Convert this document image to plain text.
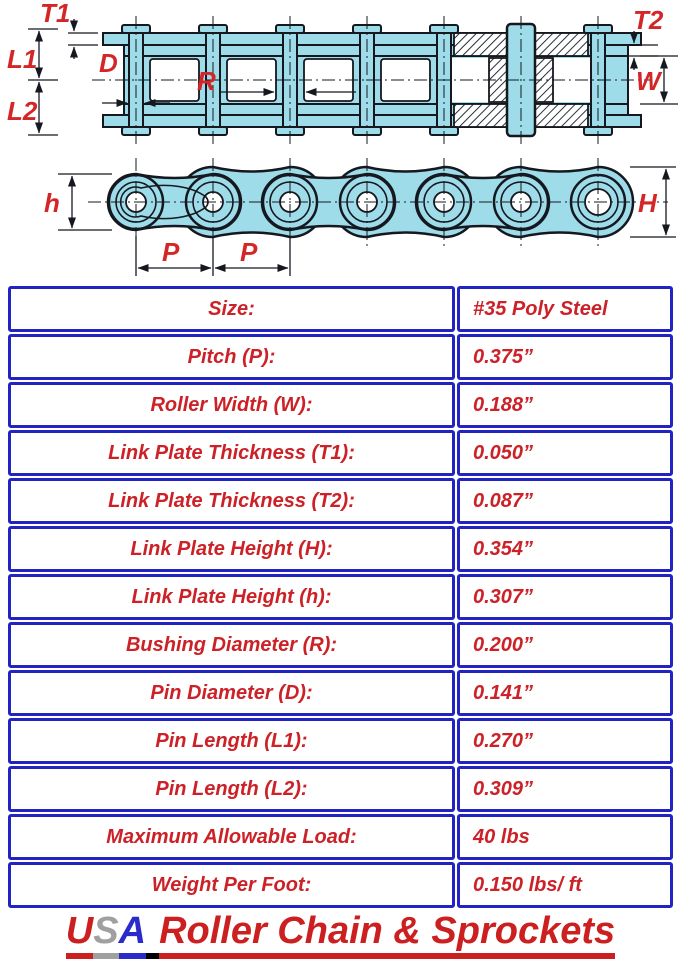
T1
L1
L2
D
R
T2
W
h
P P
H
Size:	#35 Poly Steel
Pitch (P):	0.375”
Roller Width (W):	0.188”
Link Plate Thickness (T1):	0.050”
Link Plate Thickness (T2):	0.087”
Link Plate Height (H):	0.354”
Link Plate Height (h):	0.307”
Bushing Diameter (R):	0.200”
Pin Diameter (D):	0.141”
Pin Length (L1):	0.270”
Pin Length (L2):	0.309”
Maximum Allowable Load:	40 lbs
Weight Per Foot:	0.150 lbs/ ft
USA Roller Chain & Sprockets
